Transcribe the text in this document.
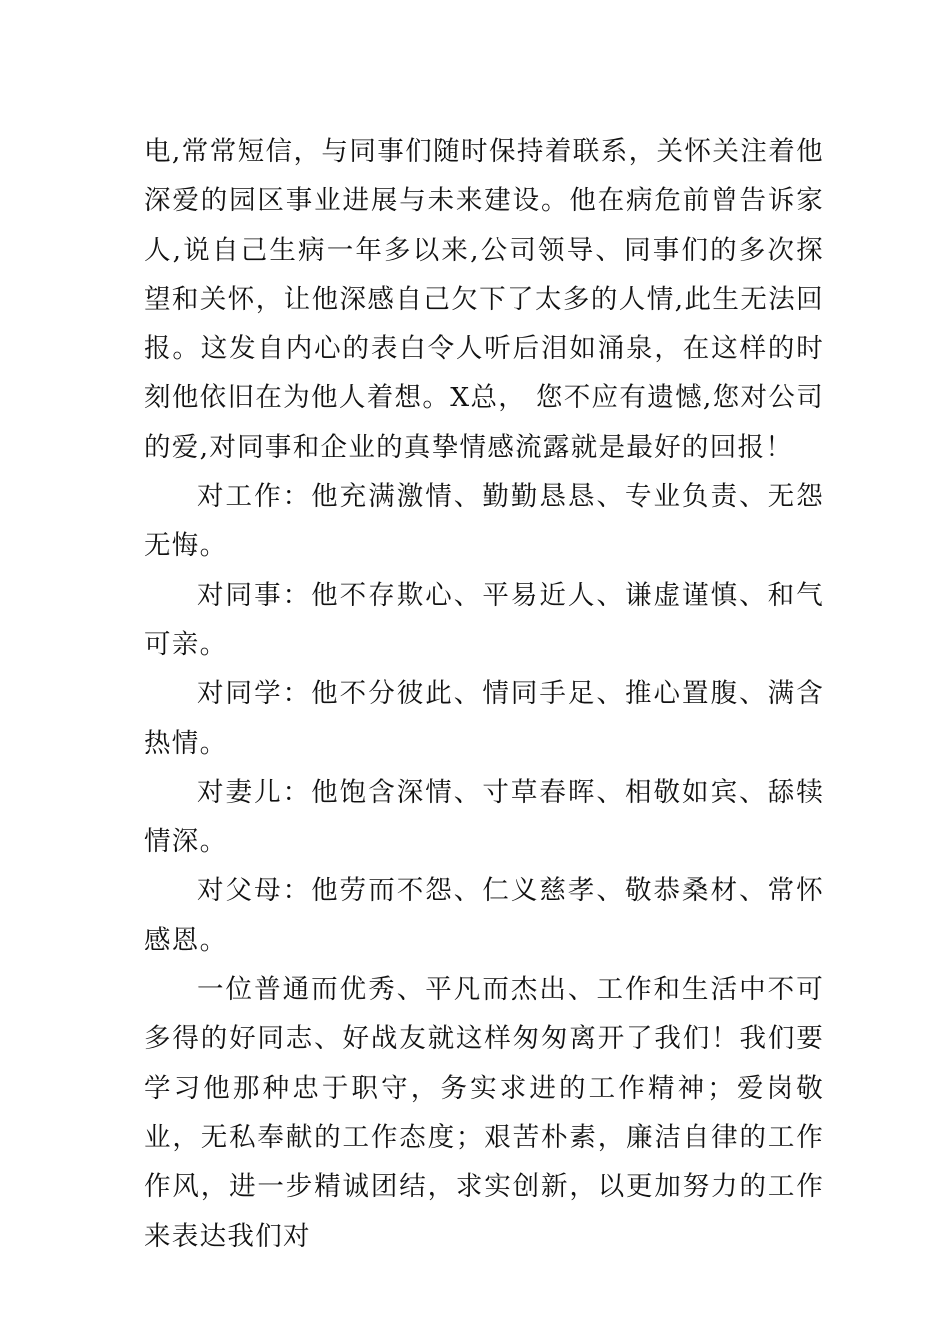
电,常常短信，与同事们随时保持着联系，关怀关注着他深爱的园区事业进展与未来建设。他在病危前曾告诉家人,说自己生病一年多以来,公司领导、同事们的多次探望和关怀，让他深感自己欠下了太多的人情,此生无法回报。这发自内心的表白令人听后泪如涌泉，在这样的时刻他依旧在为他人着想。X总， 您不应有遗憾,您对公司的爱,对同事和企业的真挚情感流露就是最好的回报！

对工作：他充满激情、勤勤恳恳、专业负责、无怨无悔。

对同事：他不存欺心、平易近人、谦虚谨慎、和气可亲。

对同学：他不分彼此、情同手足、推心置腹、满含热情。

对妻儿：他饱含深情、寸草春晖、相敬如宾、舔犊情深。

对父母：他劳而不怨、仁义慈孝、敬恭桑材、常怀感恩。

一位普通而优秀、平凡而杰出、工作和生活中不可多得的好同志、好战友就这样匆匆离开了我们！我们要学习他那种忠于职守，务实求进的工作精神；爱岗敬业，无私奉献的工作态度；艰苦朴素，廉洁自律的工作作风，进一步精诚团结，求实创新，以更加努力的工作来表达我们对
